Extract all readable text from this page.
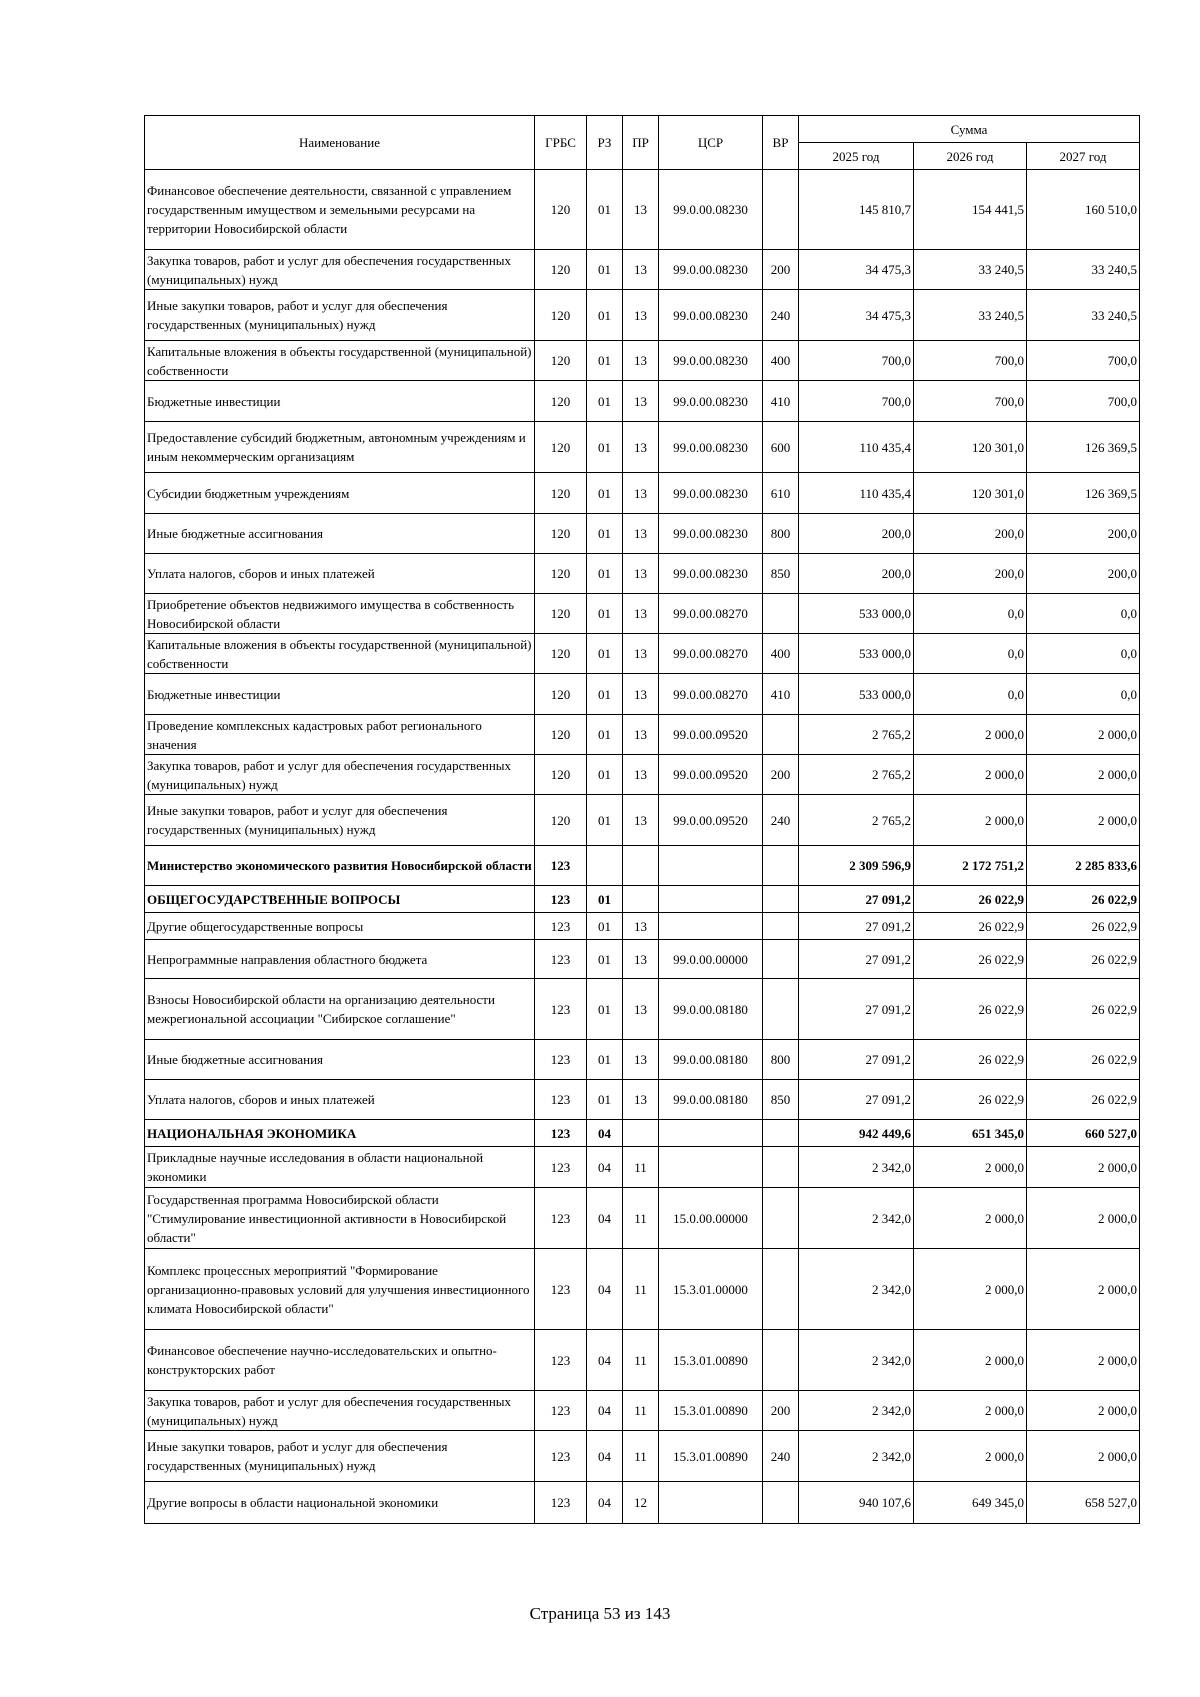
Наименование	ГРБС	РЗ	ПР	ЦСР	ВР	Сумма		
						2025 год	2026 год	2027 год
Финансовое обеспечение деятельности, связанной с управлением государственным имуществом и земельными ресурсами на территории Новосибирской области	120	01	13	99.0.00.08230		145 810,7	154 441,5	160 510,0
Закупка товаров, работ и услуг для обеспечения государственных (муниципальных) нужд	120	01	13	99.0.00.08230	200	34 475,3	33 240,5	33 240,5
Иные закупки товаров, работ и услуг для обеспечения государственных (муниципальных) нужд	120	01	13	99.0.00.08230	240	34 475,3	33 240,5	33 240,5
Капитальные вложения в объекты государственной (муниципальной) собственности	120	01	13	99.0.00.08230	400	700,0	700,0	700,0
Бюджетные инвестиции	120	01	13	99.0.00.08230	410	700,0	700,0	700,0
Предоставление субсидий бюджетным, автономным учреждениям и иным некоммерческим организациям	120	01	13	99.0.00.08230	600	110 435,4	120 301,0	126 369,5
Субсидии бюджетным учреждениям	120	01	13	99.0.00.08230	610	110 435,4	120 301,0	126 369,5
Иные бюджетные ассигнования	120	01	13	99.0.00.08230	800	200,0	200,0	200,0
Уплата налогов, сборов и иных платежей	120	01	13	99.0.00.08230	850	200,0	200,0	200,0
Приобретение объектов недвижимого имущества в собственность Новосибирской области	120	01	13	99.0.00.08270		533 000,0	0,0	0,0
Капитальные вложения в объекты государственной (муниципальной) собственности	120	01	13	99.0.00.08270	400	533 000,0	0,0	0,0
Бюджетные инвестиции	120	01	13	99.0.00.08270	410	533 000,0	0,0	0,0
Проведение комплексных кадастровых работ регионального значения	120	01	13	99.0.00.09520		2 765,2	2 000,0	2 000,0
Закупка товаров, работ и услуг для обеспечения государственных (муниципальных) нужд	120	01	13	99.0.00.09520	200	2 765,2	2 000,0	2 000,0
Иные закупки товаров, работ и услуг для обеспечения государственных (муниципальных) нужд	120	01	13	99.0.00.09520	240	2 765,2	2 000,0	2 000,0
Министерство экономического развития Новосибирской области	123					2 309 596,9	2 172 751,2	2 285 833,6
ОБЩЕГОСУДАРСТВЕННЫЕ ВОПРОСЫ	123	01				27 091,2	26 022,9	26 022,9
Другие общегосударственные вопросы	123	01	13			27 091,2	26 022,9	26 022,9
Непрограммные направления областного бюджета	123	01	13	99.0.00.00000		27 091,2	26 022,9	26 022,9
Взносы Новосибирской области на организацию деятельности межрегиональной ассоциации "Сибирское соглашение"	123	01	13	99.0.00.08180		27 091,2	26 022,9	26 022,9
Иные бюджетные ассигнования	123	01	13	99.0.00.08180	800	27 091,2	26 022,9	26 022,9
Уплата налогов, сборов и иных платежей	123	01	13	99.0.00.08180	850	27 091,2	26 022,9	26 022,9
НАЦИОНАЛЬНАЯ ЭКОНОМИКА	123	04				942 449,6	651 345,0	660 527,0
Прикладные научные исследования в области национальной экономики	123	04	11			2 342,0	2 000,0	2 000,0
Государственная программа Новосибирской области "Стимулирование инвестиционной активности в Новосибирской области"	123	04	11	15.0.00.00000		2 342,0	2 000,0	2 000,0
Комплекс процессных мероприятий "Формирование организационно-правовых условий для улучшения инвестиционного климата Новосибирской области"	123	04	11	15.3.01.00000		2 342,0	2 000,0	2 000,0
Финансовое обеспечение научно-исследовательских и опытно-конструкторских работ	123	04	11	15.3.01.00890		2 342,0	2 000,0	2 000,0
Закупка товаров, работ и услуг для обеспечения государственных (муниципальных) нужд	123	04	11	15.3.01.00890	200	2 342,0	2 000,0	2 000,0
Иные закупки товаров, работ и услуг для обеспечения государственных (муниципальных) нужд	123	04	11	15.3.01.00890	240	2 342,0	2 000,0	2 000,0
Другие вопросы в области национальной экономики	123	04	12			940 107,6	649 345,0	658 527,0
Страница 53 из 143
